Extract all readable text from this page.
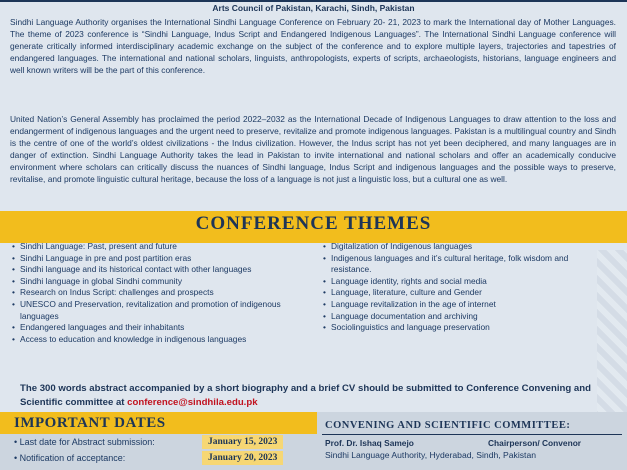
Arts Council of Pakistan, Karachi, Sindh, Pakistan

Sindhi Language Authority organises the International Sindhi Language Conference on February 20- 21, 2023 to mark the International day of Mother Languages. The theme of 2023 conference is “Sindhi Language, Indus Script and Endangered Indigenous Languages”. The International Sindhi Language conference will generate critically informed interdisciplinary academic exchange on the subject of the conference and to explore multiple layers, trajectories and tapestries of endangered languages. The international and national scholars, linguists, anthropologists, experts of scripts, archaeologists, historians, language engineers and well known writers will be the part of this conference.

United Nation’s General Assembly has proclaimed the period 2022–2032 as the International Decade of Indigenous Languages to draw attention to the loss and endangerment of indigenous languages and the urgent need to preserve, revitalize and promote indigenous languages. Pakistan is a multilingual country and Sindh is the centre of one of the world’s oldest civilizations - the Indus civilization. However, the Indus script has not yet been deciphered, and many languages are in danger of extinction. Sindhi Language Authority takes the lead in Pakistan to invite international and national scholars and offer an academically conducive environment where scholars can critically discuss the nuances of Sindhi language, Indus Script and indigenous languages and the possible ways to preserve, revitalise, and promote linguistic cultural heritage, because the loss of a language is not just a linguistic loss, but a cultural one as well.

CONFERENCE THEMES
• Sindhi Language: Past, present and future
• Sindhi Language in pre and post partition eras
• Sindhi language and its historical contact with other languages
• Sindhi language in global Sindhi community
• Research on Indus Script: challenges and prospects
• UNESCO and Preservation, revitalization and promotion of indigenous languages
• Endangered languages and their inhabitants
• Access to education and knowledge in indigenous languages
• Digitalization of Indigenous languages
• Indigenous languages and it’s cultural heritage, folk wisdom and resistance.
• Language identity, rights and social media
• Language, literature, culture and Gender
• Language revitalization in the age of internet
• Language documentation and archiving
• Sociolinguistics and language preservation

The 300 words abstract accompanied by a short biography and a brief CV should be submitted to Conference Convening and Scientific committee at conference@sindhila.edu.pk

IMPORTANT DATES
• Last date for Abstract submission:	January 15, 2023
• Notification of acceptance:	January 20, 2023
CONVENING AND SCIENTIFIC COMMITTEE:
Prof. Dr. Ishaq Samejo	Chairperson/ Convenor
Sindhi Language Authority, Hyderabad, Sindh, Pakistan
